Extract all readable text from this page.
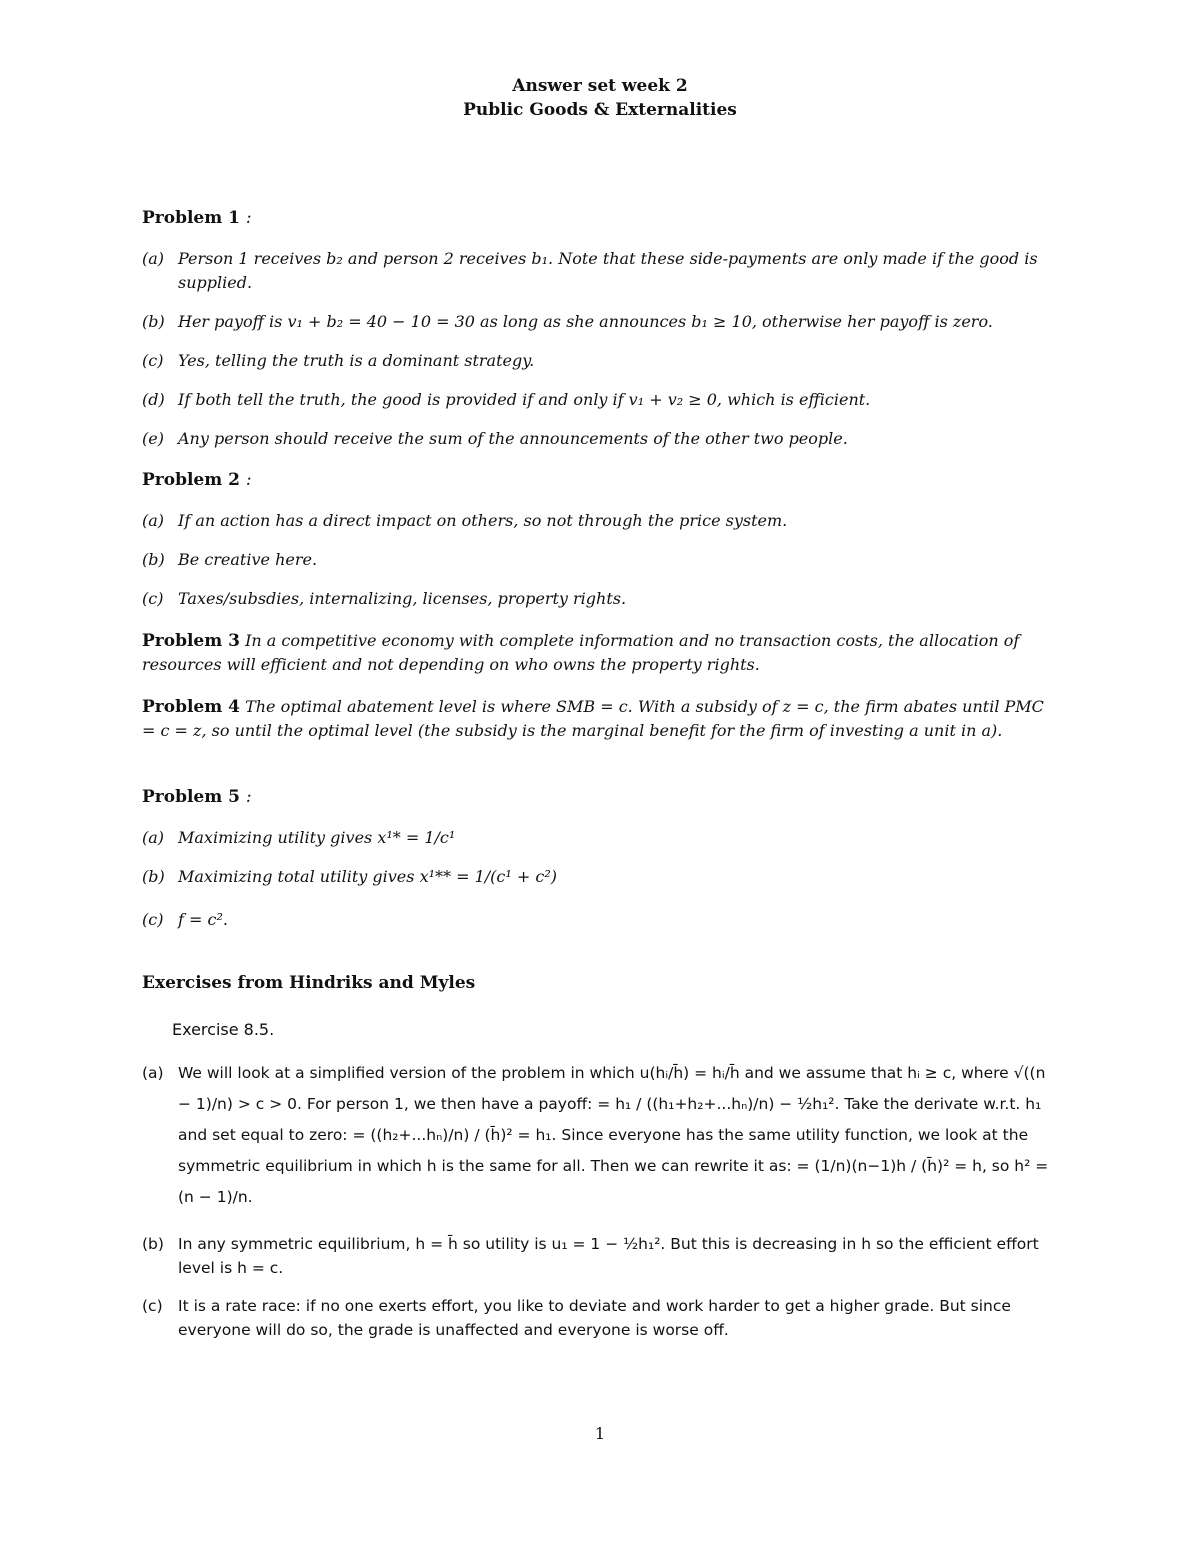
Answer set week 2
Public Goods & Externalities
Problem 1 :
(a) Person 1 receives b₂ and person 2 receives b₁. Note that these side-payments are only made if the good is supplied.
(b) Her payoff is v₁ + b₂ = 40 − 10 = 30 as long as she announces b₁ ≥ 10, otherwise her payoff is zero.
(c) Yes, telling the truth is a dominant strategy.
(d) If both tell the truth, the good is provided if and only if v₁ + v₂ ≥ 0, which is efficient.
(e) Any person should receive the sum of the announcements of the other two people.
Problem 2 :
(a) If an action has a direct impact on others, so not through the price system.
(b) Be creative here.
(c) Taxes/subsdies, internalizing, licenses, property rights.
Problem 3 In a competitive economy with complete information and no transaction costs, the allocation of resources will efficient and not depending on who owns the property rights.
Problem 4 The optimal abatement level is where SMB = c. With a subsidy of z = c, the firm abates until PMC = c = z, so until the optimal level (the subsidy is the marginal benefit for the firm of investing a unit in a).
Problem 5 :
(a) Maximizing utility gives x¹* = 1/c¹
(b) Maximizing total utility gives x¹** = 1/(c¹ + c²)
(c) f = c².
Exercises from Hindriks and Myles
Exercise 8.5.
(a) We will look at a simplified version of the problem in which u(hᵢ/h̄) = hᵢ/h̄ and we assume that hᵢ ≥ c, where √((n − 1)/n) > c > 0. For person 1, we then have a payoff: = h₁ / ((h₁+h₂+...hₙ)/n) − ½h₁². Take the derivate w.r.t. h₁ and set equal to zero: = ((h₂+...hₙ)/n) / (h̄)² = h₁. Since everyone has the same utility function, we look at the symmetric equilibrium in which h is the same for all. Then we can rewrite it as: = (1/n)(n−1)h / (h̄)² = h, so h² = (n − 1)/n.
(b) In any symmetric equilibrium, h = h̄ so utility is u₁ = 1 − ½h₁². But this is decreasing in h so the efficient effort level is h = c.
(c) It is a rate race: if no one exerts effort, you like to deviate and work harder to get a higher grade. But since everyone will do so, the grade is unaffected and everyone is worse off.
1
